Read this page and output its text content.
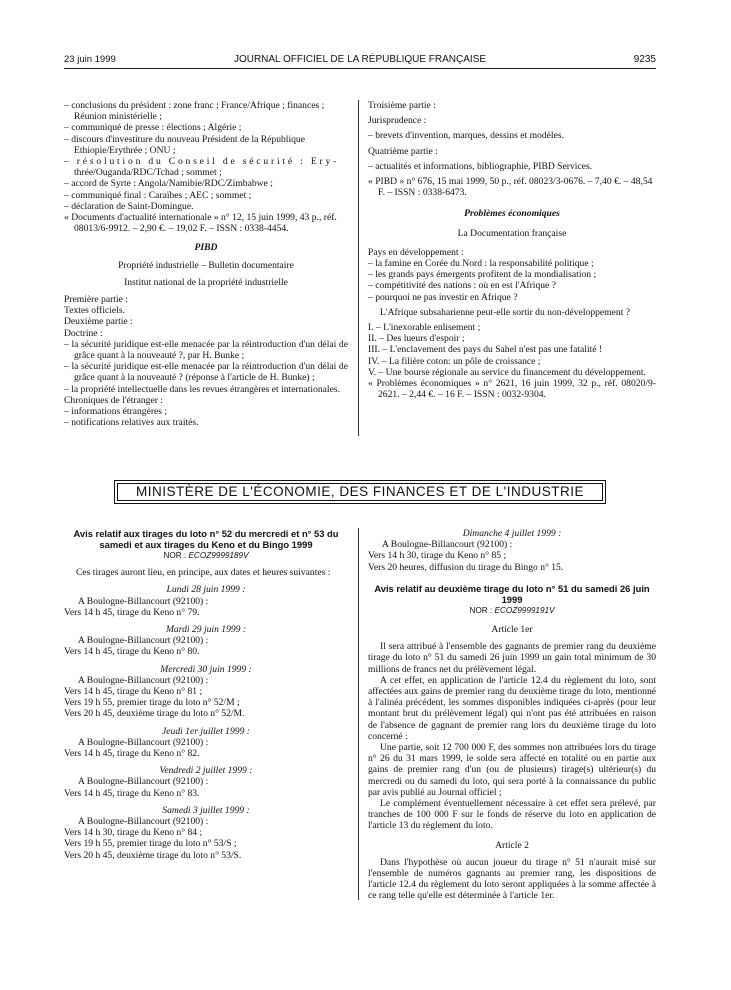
23 juin 1999	JOURNAL OFFICIEL DE LA RÉPUBLIQUE FRANÇAISE	9235

– conclusions du président : zone franc ; France/Afrique ; finances ; Réunion ministérielle ;

– communiqué de presse : élections ; Algérie ;

– discours d'investiture du nouveau Président de la République Ethiopie/Erythrée ; ONU ;

– résolution du Conseil de sécurité : Ery-
thrée/Ouganda/RDC/Tchad ; sommet ;

– accord de Syrte : Angola/Namibie/RDC/Zimbabwe ;

– communiqué final : Caraïbes ; AEC ; sommet ;

– déclaration de Saint-Domingue.

« Documents d'actualité internationale » n° 12, 15 juin 1999, 43 p., réf. 08013/6-9912. – 2,90 €. – 19,02 F. – ISSN : 0338-4454.

PIBD

Propriété industrielle – Bulletin documentaire

Institut national de la propriété industrielle

Première partie :

Textes officiels.

Deuxième partie :

Doctrine :

– la sécurité juridique est-elle menacée par la réintroduction d'un délai de grâce quant à la nouveauté ?, par H. Bunke ;

– la sécurité juridique est-elle menacée par la réintroduction d'un délai de grâce quant à la nouveauté ? (réponse à l'article de H. Bunke) ;

– la propriété intellectuelle dans les revues étrangères et internationales.

Chroniques de l'étranger :

– informations étrangères ;

– notifications relatives aux traités.

Troisième partie :

Jurisprudence :

– brevets d'invention, marques, dessins et modèles.

Quatrième partie :

– actualités et informations, bibliographie, PIBD Services.

« PIBD » n° 676, 15 mai 1999, 50 p., réf. 08023/3-0676. – 7,40 €. – 48,54 F. – ISSN : 0338-6473.

Problèmes économiques

La Documentation française

Pays en développement :

– la famine en Corée du Nord : la responsabilité politique ;

– les grands pays émergents profitent de la mondialisation ;

– compétitivité des nations : où en est l'Afrique ?

– pourquoi ne pas investir en Afrique ?

L'Afrique subsaharienne peut-elle sortir du non-développement ?

I. – L'inexorable enlisement ;

II. – Des lueurs d'espoir ;

III. – L'enclavement des pays du Sahel n'est pas une fatalité !

IV. – La filière coton: un pôle de croissance ;

V. – Une bourse régionale au service du financement du développement.

« Problèmes économiques » n° 2621, 16 juin 1999, 32 p., réf. 08020/9-2621. – 2,44 €. – 16 F. – ISSN : 0032-9304.

MINISTÈRE DE L'ÉCONOMIE, DES FINANCES ET DE L'INDUSTRIE

Avis relatif aux tirages du loto n° 52 du mercredi et n° 53 du samedi et aux tirages du Keno et du Bingo 1999

NOR : ECOZ9999189V

Ces tirages auront lieu, en principe, aux dates et heures suivantes :

Lundi 28 juin 1999 :

A Boulogne-Billancourt (92100) :

Vers 14 h 45, tirage du Keno n° 79.

Mardi 29 juin 1999 :

A Boulogne-Billancourt (92100) :

Vers 14 h 45, tirage du Keno n° 80.

Mercredi 30 juin 1999 :

A Boulogne-Billancourt (92100) :

Vers 14 h 45, tirage du Keno n° 81 ;

Vers 19 h 55, premier tirage du loto n° 52/M ;

Vers 20 h 45, deuxième tirage du loto n° 52/M.

Jeudi 1er juillet 1999 :

A Boulogne-Billancourt (92100) :

Vers 14 h 45, tirage du Keno n° 82.

Vendredi 2 juillet 1999 :

A Boulogne-Billancourt (92100) :

Vers 14 h 45, tirage du Keno n° 83.

Samedi 3 juillet 1999 :

A Boulogne-Billancourt (92100) :

Vers 14 h 30, tirage du Keno n° 84 ;

Vers 19 h 55, premier tirage du loto n° 53/S ;

Vers 20 h 45, deuxième tirage du loto n° 53/S.

Dimanche 4 juillet 1999 :

A Boulogne-Billancourt (92100) :

Vers 14 h 30, tirage du Keno n° 85 ;

Vers 20 heures, diffusion du tirage du Bingo n° 15.

Avis relatif au deuxième tirage du loto n° 51 du samedi 26 juin 1999

NOR : ECOZ9999191V

Article 1er

Il sera attribué à l'ensemble des gagnants de premier rang du deuxième tirage du loto n° 51 du samedi 26 juin 1999 un gain total minimum de 30 millions de francs net du prélèvement légal.

A cet effet, en application de l'article 12.4 du règlement du loto, sont affectées aux gains de premier rang du deuxième tirage du loto, mentionné à l'alinéa précédent, les sommes disponibles indiquées ci-après (pour leur montant brut du prélèvement légal) qui n'ont pas été attribuées en raison de l'absence de gagnant de premier rang lors du deuxième tirage du loto concerné :

Une partie, soit 12 700 000 F, des sommes non attribuées lors du tirage n° 26 du 31 mars 1999, le solde sera affecté en totalité ou en partie aux gains de premier rang d'un (ou de plusieurs) tirage(s) ultérieur(s) du mercredi ou du samedi du loto, qui sera porté à la connaissance du public par avis publié au Journal officiel ;

Le complément éventuellement nécessaire à cet effet sera prélevé, par tranches de 100 000 F sur le fonds de réserve du loto en application de l'article 13 du règlement du loto.

Article 2

Dans l'hypothèse où aucun joueur du tirage n° 51 n'aurait misé sur l'ensemble de numéros gagnants au premier rang, les dispositions de l'article 12.4 du règlement du loto seront appliquées à la somme affectée à ce rang telle qu'elle est déterminée à l'article 1er.
